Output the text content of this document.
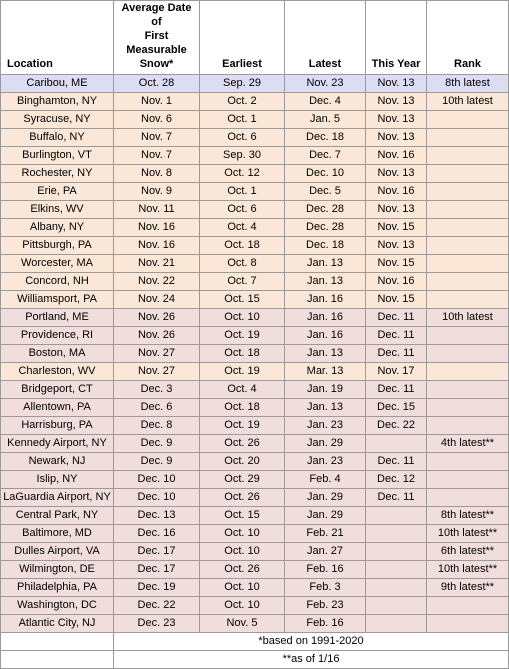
Location	Average Date of
First Measurable
Snow*	Earliest	Latest	This Year	Rank
Caribou, ME	Oct. 28	Sep. 29	Nov. 23	Nov. 13	8th latest
Binghamton, NY	Nov. 1	Oct. 2	Dec. 4	Nov. 13	10th latest
Syracuse, NY	Nov. 6	Oct. 1	Jan. 5	Nov. 13	
Buffalo, NY	Nov. 7	Oct. 6	Dec. 18	Nov. 13	
Burlington, VT	Nov. 7	Sep. 30	Dec. 7	Nov. 16	
Rochester, NY	Nov. 8	Oct. 12	Dec. 10	Nov. 13	
Erie, PA	Nov. 9	Oct. 1	Dec. 5	Nov. 16	
Elkins, WV	Nov. 11	Oct. 6	Dec. 28	Nov. 13	
Albany, NY	Nov. 16	Oct. 4	Dec. 28	Nov. 15	
Pittsburgh, PA	Nov. 16	Oct. 18	Dec. 18	Nov. 13	
Worcester, MA	Nov. 21	Oct. 8	Jan. 13	Nov. 15	
Concord, NH	Nov. 22	Oct. 7	Jan. 13	Nov. 16	
Williamsport, PA	Nov. 24	Oct. 15	Jan. 16	Nov. 15	
Portland, ME	Nov. 26	Oct. 10	Jan. 16	Dec. 11	10th latest
Providence, RI	Nov. 26	Oct. 19	Jan. 16	Dec. 11	
Boston, MA	Nov. 27	Oct. 18	Jan. 13	Dec. 11	
Charleston, WV	Nov. 27	Oct. 19	Mar. 13	Nov. 17	
Bridgeport, CT	Dec. 3	Oct. 4	Jan. 19	Dec. 11	
Allentown, PA	Dec. 6	Oct. 18	Jan. 13	Dec. 15	
Harrisburg, PA	Dec. 8	Oct. 19	Jan. 23	Dec. 22	
Kennedy Airport, NY	Dec. 9	Oct. 26	Jan. 29		4th latest**
Newark, NJ	Dec. 9	Oct. 20	Jan. 23	Dec. 11	
Islip, NY	Dec. 10	Oct. 29	Feb. 4	Dec. 12	
LaGuardia Airport, NY	Dec. 10	Oct. 26	Jan. 29	Dec. 11	
Central Park, NY	Dec. 13	Oct. 15	Jan. 29		8th latest**
Baltimore, MD	Dec. 16	Oct. 10	Feb. 21		10th latest**
Dulles Airport, VA	Dec. 17	Oct. 10	Jan. 27		6th latest**
Wilmington, DE	Dec. 17	Oct. 26	Feb. 16		10th latest**
Philadelphia, PA	Dec. 19	Oct. 10	Feb. 3		9th latest**
Washington, DC	Dec. 22	Oct. 10	Feb. 23		
Atlantic City, NJ	Dec. 23	Nov. 5	Feb. 16		
	*based on 1991-2020				
	**as of 1/16				
